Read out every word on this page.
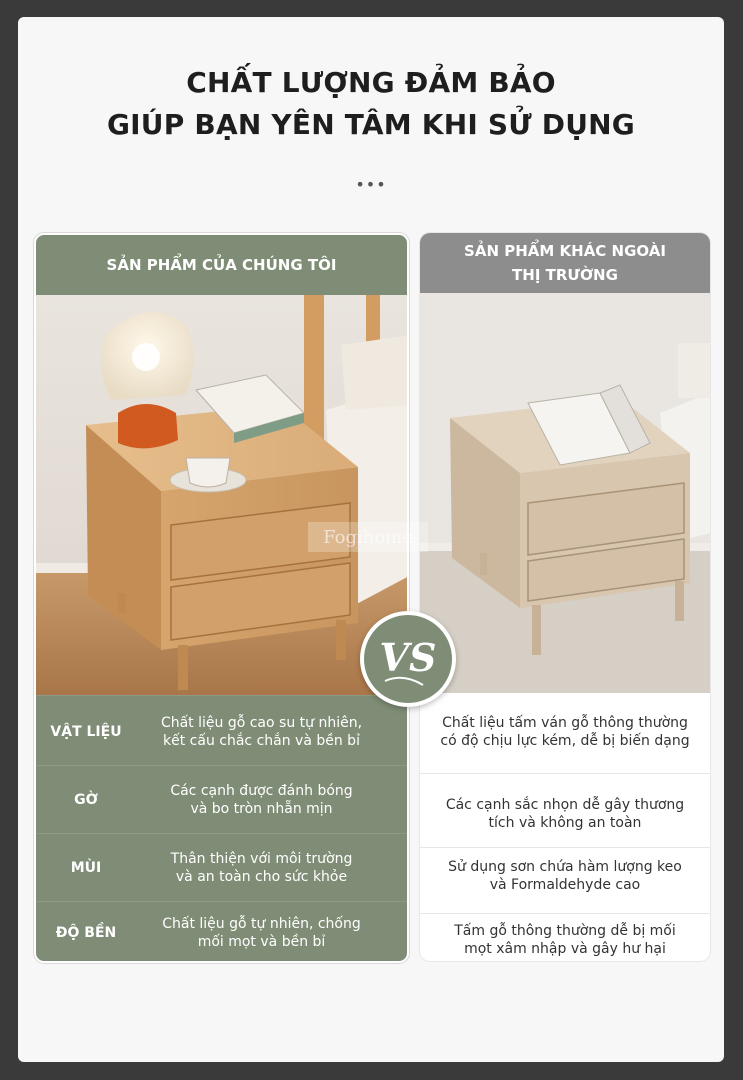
CHẤT LƯỢNG ĐẢM BẢO
GIÚP BẠN YÊN TÂM KHI SỬ DỤNG
•••
SẢN PHẨM CỦA CHÚNG TÔI
VẬT LIỆU
Chất liệu gỗ cao su tự nhiên,
kết cấu chắc chắn và bền bỉ
GỜ
Các cạnh được đánh bóng
và bo tròn nhẵn mịn
MÙI
Thân thiện với môi trường
và an toàn cho sức khỏe
ĐỘ BỀN
Chất liệu gỗ tự nhiên, chống
mối mọt và bền bỉ
SẢN PHẨM KHÁC NGOÀI
THỊ TRƯỜNG
Chất liệu tấm ván gỗ thông thường
có độ chịu lực kém, dễ bị biến dạng
Các cạnh sắc nhọn dễ gây thương
tích và không an toàn
Sử dụng sơn chứa hàm lượng keo
và Formaldehyde cao
Tấm gỗ thông thường dễ bị mối
mọt xâm nhập và gây hư hại
Fogihome
VS
